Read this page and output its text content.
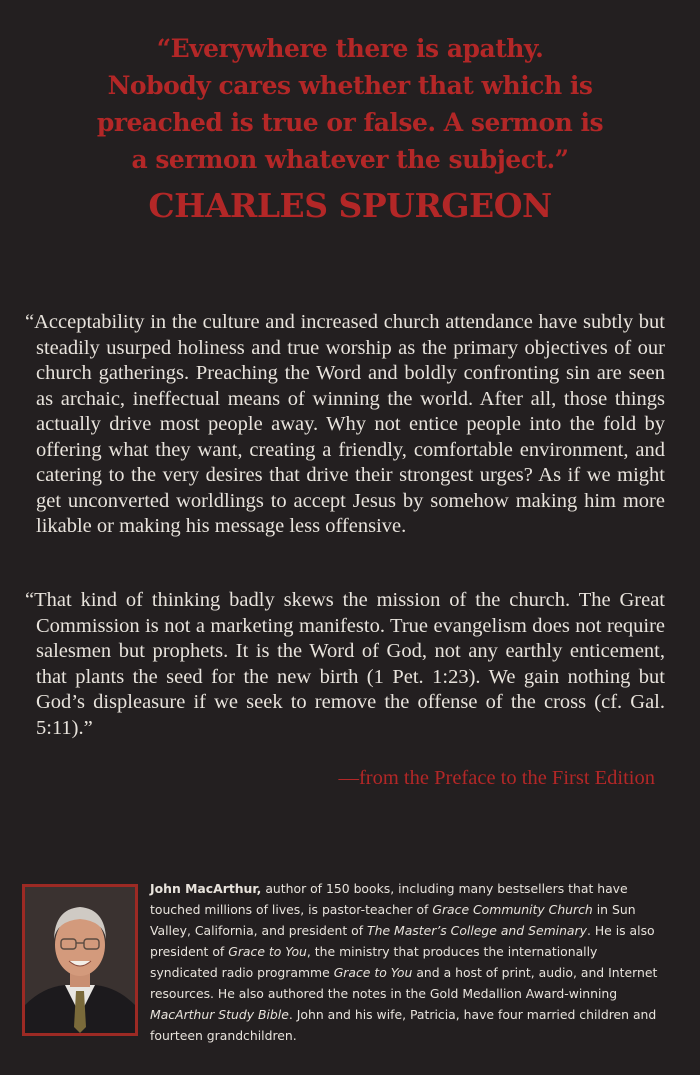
“Everywhere there is apathy.
Nobody cares whether that which is
preached is true or false. A sermon is
a sermon whatever the subject.”
CHARLES SPURGEON

“Acceptability in the culture and increased church attendance have subtly but steadily usurped holiness and true worship as the primary objectives of our church gatherings. Preaching the Word and boldly confronting sin are seen as archaic, ineffectual means of winning the world. After all, those things actually drive most people away. Why not entice people into the fold by offering what they want, creating a friendly, comfortable environment, and catering to the very desires that drive their strongest urges? As if we might get unconverted worldlings to accept Jesus by somehow making him more likable or making his message less offensive.

“That kind of thinking badly skews the mission of the church. The Great Commission is not a marketing manifesto. True evangelism does not require salesmen but prophets. It is the Word of God, not any earthly enticement, that plants the seed for the new birth (1 Pet. 1:23). We gain nothing but God’s displeasure if we seek to remove the offense of the cross (cf. Gal. 5:11).”

—from the Preface to the First Edition

John MacArthur, author of 150 books, including many bestsellers that have touched millions of lives, is pastor-teacher of Grace Community Church in Sun Valley, California, and president of The Master’s College and Seminary. He is also president of Grace to You, the ministry that produces the internationally syndicated radio programme Grace to You and a host of print, audio, and Internet resources. He also authored the notes in the Gold Medallion Award-winning MacArthur Study Bible. John and his wife, Patricia, have four married children and fourteen grandchildren.
